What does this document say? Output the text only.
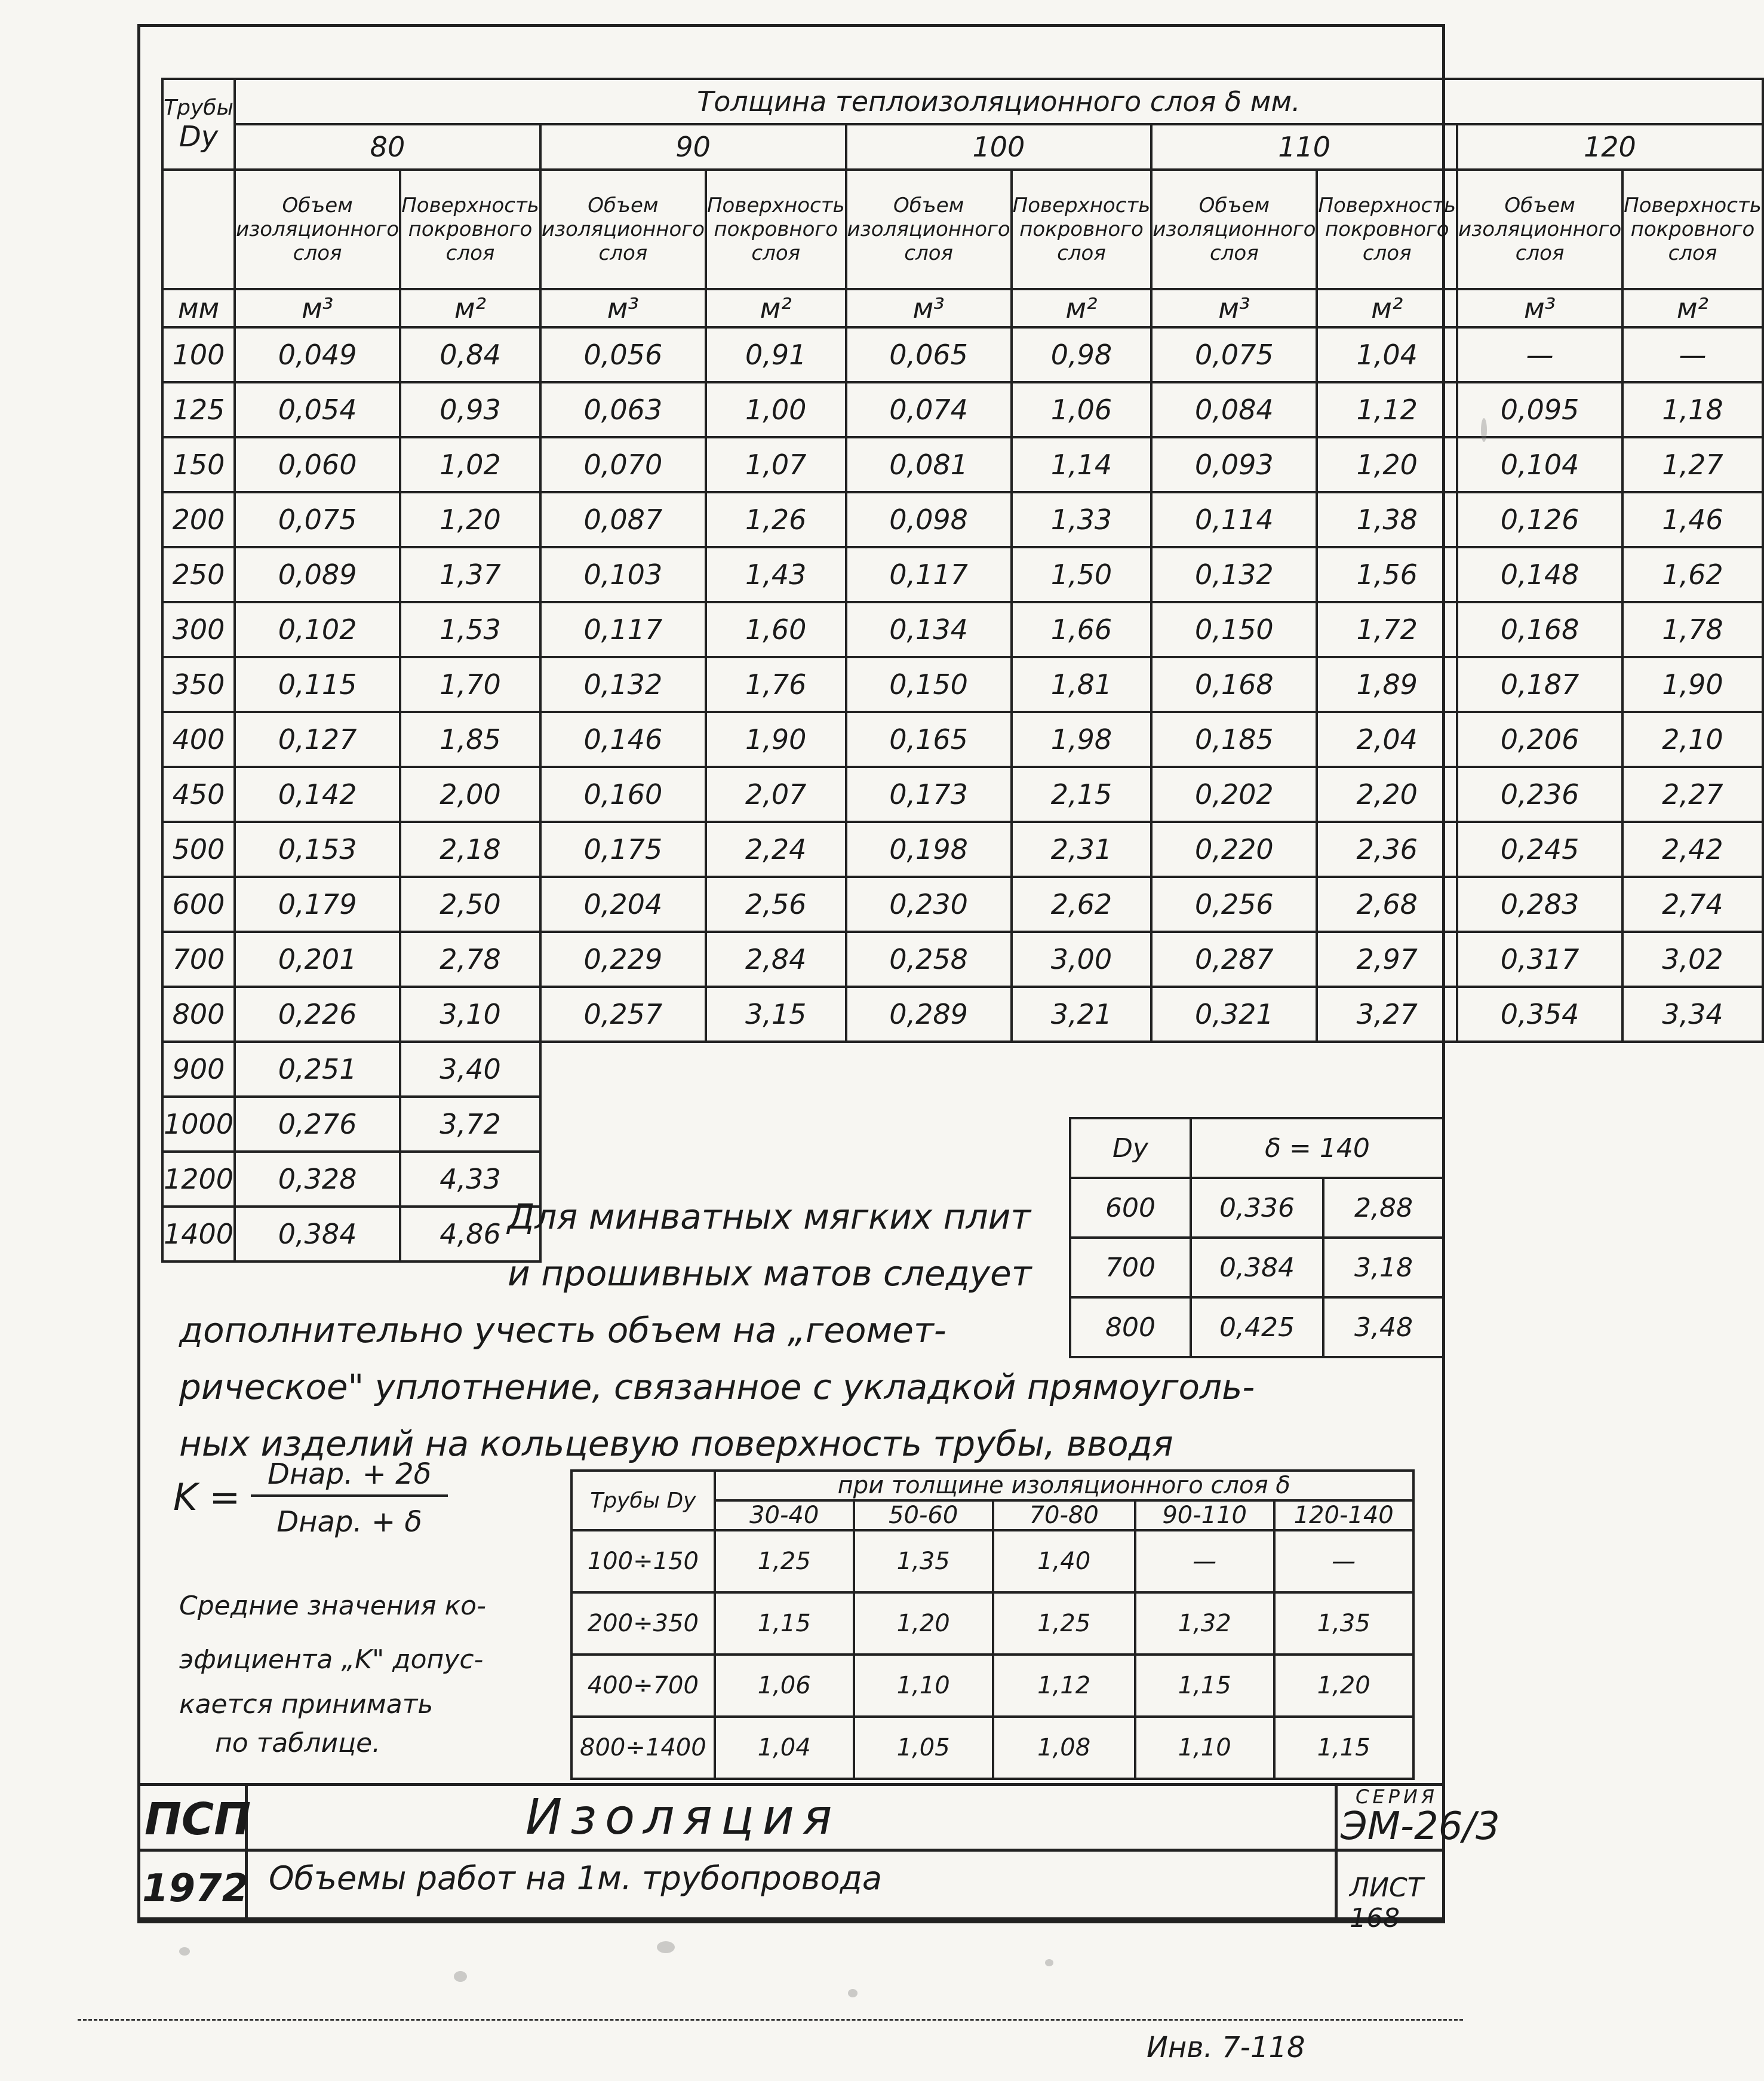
Трубы
Dу	Толщина теплоизоляционного слоя δ мм.									
	80		90		100		110		120	
	Объем изоляционного слоя	Поверхность покровного слоя	Объем изоляционного слоя	Поверхность покровного слоя	Объем изоляционного слоя	Поверхность покровного слоя	Объем изоляционного слоя	Поверхность покровного слоя	Объем изоляционного слоя	Поверхность покровного слоя
мм	м³	м²	м³	м²	м³	м²	м³	м²	м³	м²
100	0,049	0,84	0,056	0,91	0,065	0,98	0,075	1,04	—	—
125	0,054	0,93	0,063	1,00	0,074	1,06	0,084	1,12	0,095	1,18
150	0,060	1,02	0,070	1,07	0,081	1,14	0,093	1,20	0,104	1,27
200	0,075	1,20	0,087	1,26	0,098	1,33	0,114	1,38	0,126	1,46
250	0,089	1,37	0,103	1,43	0,117	1,50	0,132	1,56	0,148	1,62
300	0,102	1,53	0,117	1,60	0,134	1,66	0,150	1,72	0,168	1,78
350	0,115	1,70	0,132	1,76	0,150	1,81	0,168	1,89	0,187	1,90
400	0,127	1,85	0,146	1,90	0,165	1,98	0,185	2,04	0,206	2,10
450	0,142	2,00	0,160	2,07	0,173	2,15	0,202	2,20	0,236	2,27
500	0,153	2,18	0,175	2,24	0,198	2,31	0,220	2,36	0,245	2,42
600	0,179	2,50	0,204	2,56	0,230	2,62	0,256	2,68	0,283	2,74
700	0,201	2,78	0,229	2,84	0,258	3,00	0,287	2,97	0,317	3,02
800	0,226	3,10	0,257	3,15	0,289	3,21	0,321	3,27	0,354	3,34
900	0,251	3,40								
1000	0,276	3,72								
1200	0,328	4,33								
1400	0,384	4,86								
Dу	δ = 140	
600	0,336	2,88
700	0,384	3,18
800	0,425	3,48
Для минватных мягких плит
и прошивных матов следует
дополнительно учесть объем на „геомет-
рическое" уплотнение, связанное с укладкой прямоуголь-
ных изделий на кольцевую поверхность трубы, вводя
K =
Dнар. + 2δ
Dнар. + δ
Средние значения ко-
эфициента „K" допус-
кается принимать
по таблице.
Трубы Dу	при толщине изоляционного слоя δ				
	30-40	50-60	70-80	90-110	120-140
100÷150	1,25	1,35	1,40	—	—
200÷350	1,15	1,20	1,25	1,32	1,35
400÷700	1,06	1,10	1,12	1,15	1,20
800÷1400	1,04	1,05	1,08	1,10	1,15
ПСП
1972
Изоляция
Объемы работ на 1м. трубопровода
СЕРИЯ
ЭМ-26/3
ЛИСТ 168
Инв. 7-118
